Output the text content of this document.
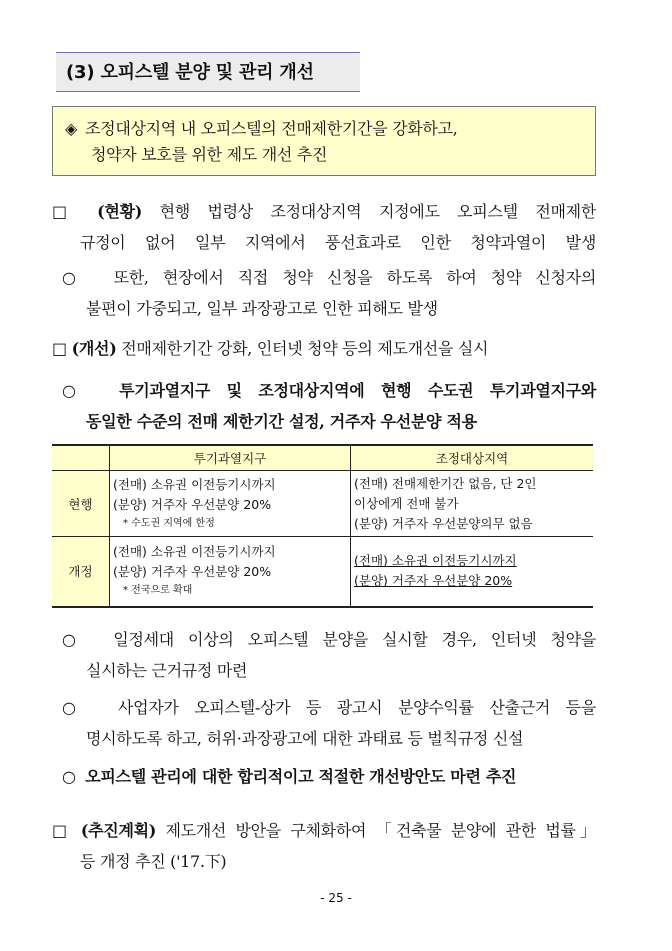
(3) 오피스텔 분양 및 관리 개선
◈ 조정대상지역 내 오피스텔의 전매제한기간을 강화하고,
청약자 보호를 위한 제도 개선 추진
□ (현황) 현행 법령상 조정대상지역 지정에도 오피스텔 전매제한
규정이 없어 일부 지역에서 풍선효과로 인한 청약과열이 발생
○ 또한, 현장에서 직접 청약 신청을 하도록 하여 청약 신청자의
불편이 가중되고, 일부 과장광고로 인한 피해도 발생
□ (개선) 전매제한기간 강화, 인터넷 청약 등의 제도개선을 실시
○ 투기과열지구 및 조정대상지역에 현행 수도권 투기과열지구와
동일한 수준의 전매 제한기간 설정, 거주자 우선분양 적용
	투기과열지구	조정대상지역
현행	(전매) 소유권 이전등기시까지
(분양) 거주자 우선분양 20%
* 수도권 지역에 한정	(전매) 전매제한기간 없음, 단 2인
이상에게 전매 불가
(분양) 거주자 우선분양의무 없음

개정	(전매) 소유권 이전등기시까지
(분양) 거주자 우선분양 20%
* 전국으로 확대	(전매) 소유권 이전등기시까지
(분양) 거주자 우선분양 20%
○ 일정세대 이상의 오피스텔 분양을 실시할 경우, 인터넷 청약을
실시하는 근거규정 마련
○ 사업자가 오피스텔-상가 등 광고시 분양수익률 산출근거 등을
명시하도록 하고, 허위·과장광고에 대한 과태료 등 벌칙규정 신설
○ 오피스텔 관리에 대한 합리적이고 적절한 개선방안도 마련 추진
□ (추진계획) 제도개선 방안을 구체화하여 「건축물 분양에 관한 법률」
등 개정 추진 ('17.下)
- 25 -
